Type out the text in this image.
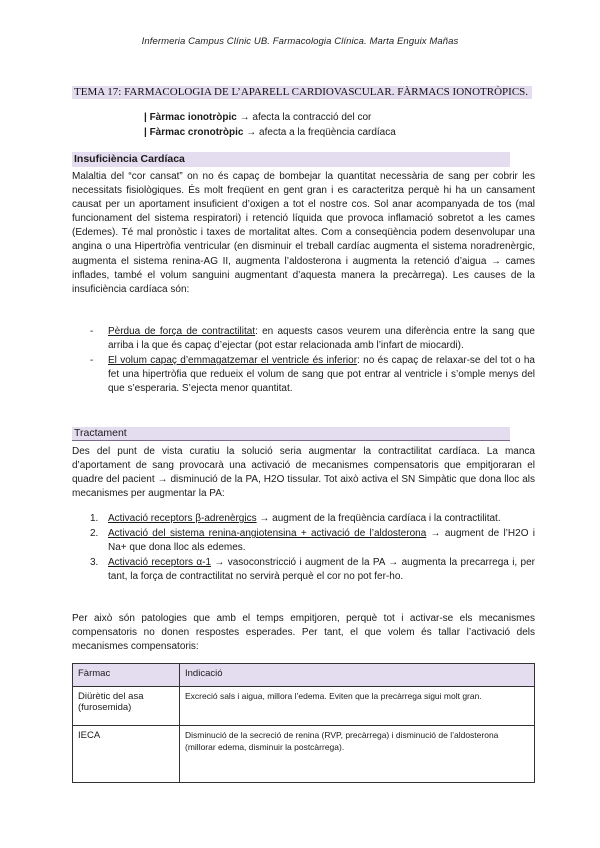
Infermeria Campus Clínic UB. Farmacologia Clínica. Marta Enguix Mañas
TEMA 17: FARMACOLOGIA DE L’APARELL CARDIOVASCULAR. FÀRMACS IONOTRÒPICS.
| Fàrmac ionotròpic → afecta la contracció del cor
| Fàrmac cronotròpic → afecta a la freqüència cardíaca
Insuficiència Cardíaca
Malaltia del “cor cansat” on no és capaç de bombejar la quantitat necessària de sang per cobrir les necessitats fisiològiques. És molt freqüent en gent gran i es caracteritza perquè hi ha un cansament causat per un aportament insuficient d’oxigen a tot el nostre cos. Sol anar acompanyada de tos (mal funcionament del sistema respiratori) i retenció líquida que provoca inflamació sobretot a les cames (Edemes). Té mal pronòstic i taxes de mortalitat altes. Com a conseqüència podem desenvolupar una angina o una Hipertròfia ventricular (en disminuir el treball cardíac augmenta el sistema noradrenèrgic, augmenta el sistema renina-AG II, augmenta l’aldosterona i augmenta la retenció d’aigua → cames inflades, també el volum sanguini augmentant d’aquesta manera la precàrrega). Les causes de la insuficiència cardíaca són:
- Pèrdua de força de contractilitat: en aquests casos veurem una diferència entre la sang que arriba i la que és capaç d’ejectar (pot estar relacionada amb l’infart de miocardi).
- El volum capaç d’emmagatzemar el ventricle és inferior: no és capaç de relaxar-se del tot o ha fet una hipertròfia que redueix el volum de sang que pot entrar al ventricle i s’omple menys del que s’esperaria. S’ejecta menor quantitat.
Tractament
Des del punt de vista curatiu la solució seria augmentar la contractilitat cardíaca. La manca d’aportament de sang provocarà una activació de mecanismes compensatoris que empitjoraran el quadre del pacient → disminució de la PA, H2O tissular. Tot això activa el SN Simpàtic que dona lloc als mecanismes per augmentar la PA:
1. Activació receptors β-adrenèrgics → augment de la freqüència cardíaca i la contractilitat.
2. Activació del sistema renina-angiotensina + activació de l’aldosterona → augment de l’H2O i Na+ que dona lloc als edemes.
3. Activació receptors α-1 → vasoconstricció i augment de la PA → augmenta la precarrega i, per tant, la força de contractilitat no servirà perquè el cor no pot fer-ho.
Per això són patologies que amb el temps empitjoren, perquè tot i activar-se els mecanismes compensatoris no donen respostes esperades. Per tant, el que volem és tallar l’activació dels mecanismes compensatoris:
Fàrmac	Indicació
Diürètic del asa (furosemida)	Excreció sals i aigua, millora l’edema. Eviten que la precàrrega sigui molt gran.
IECA	Disminució de la secreció de renina (RVP, precàrrega) i disminució de l’aldosterona (millorar edema, disminuir la postcàrrega).
